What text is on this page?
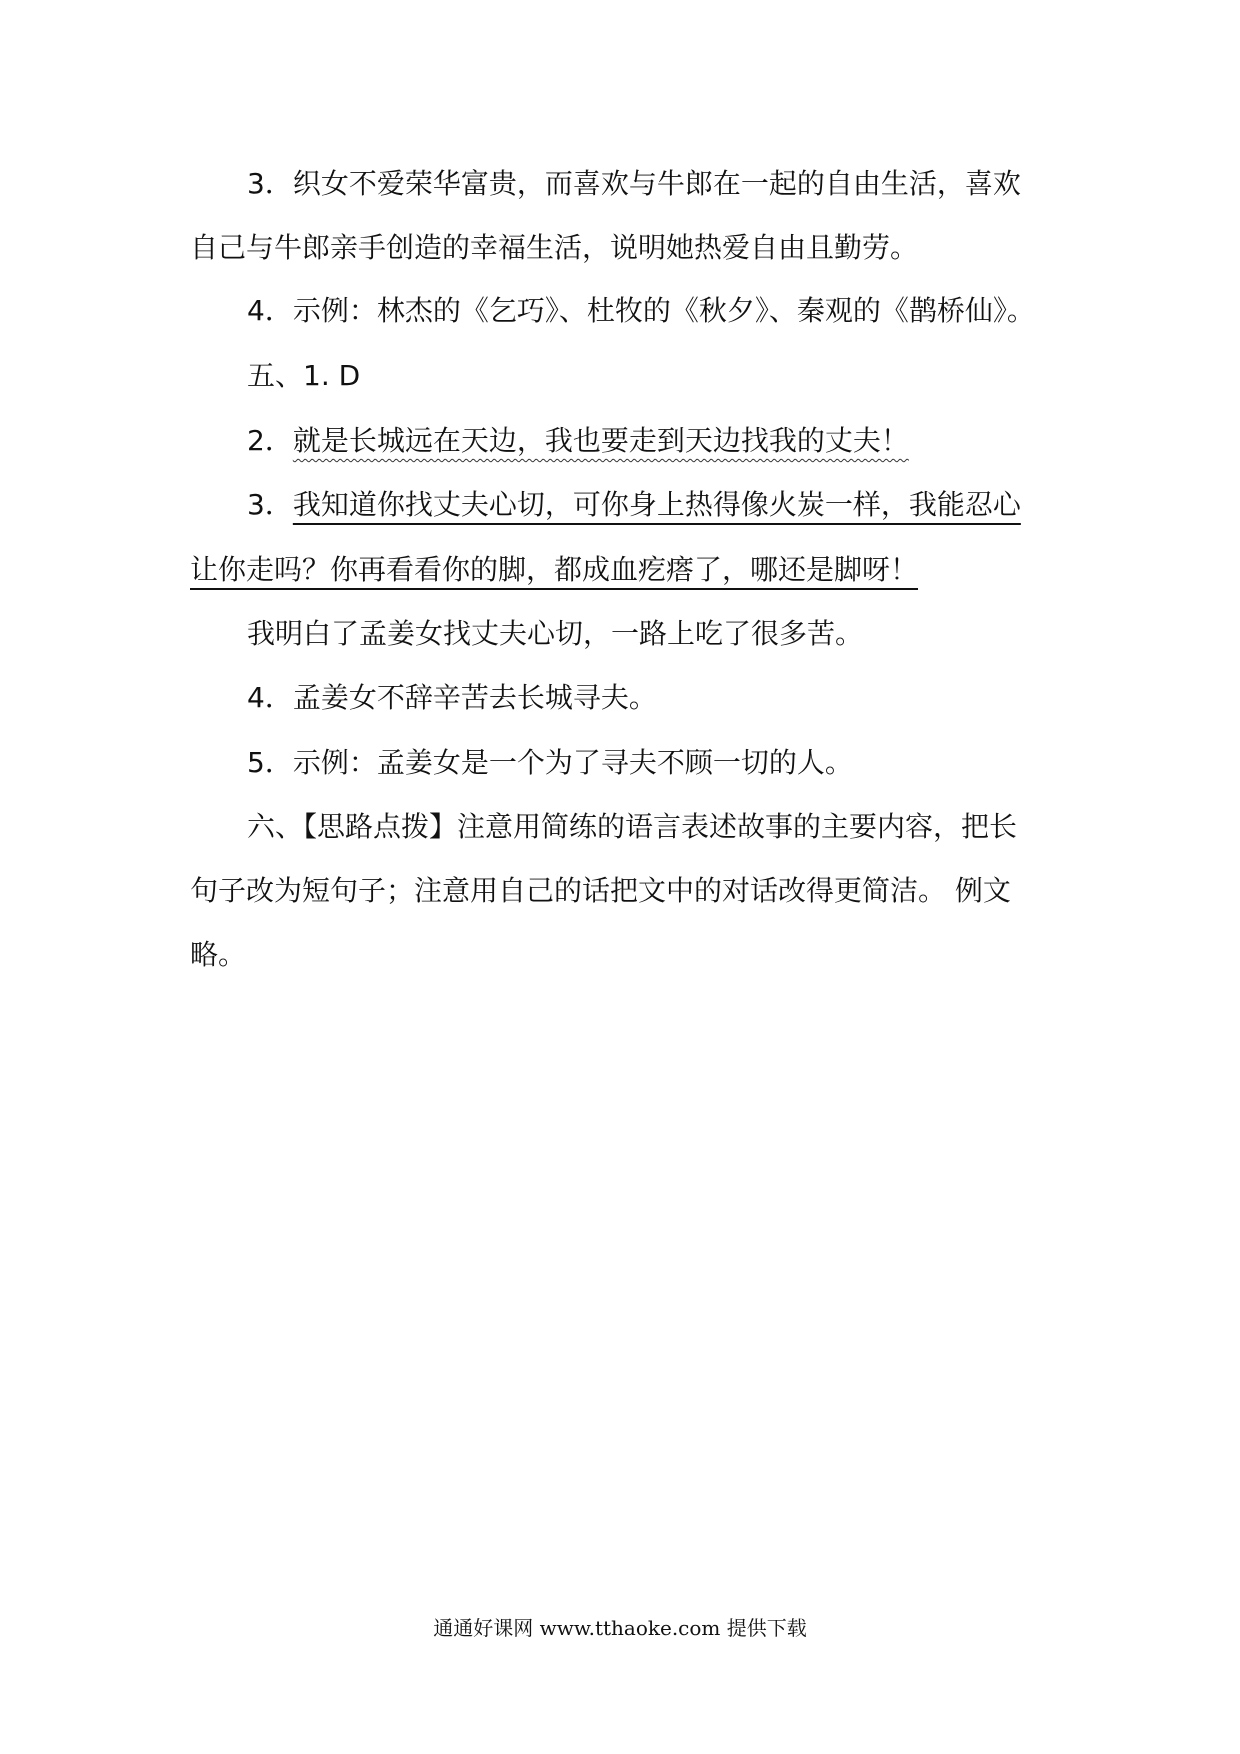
3．织女不爱荣华富贵，而喜欢与牛郎在一起的自由生活，喜欢
自己与牛郎亲手创造的幸福生活，说明她热爱自由且勤劳。
4．示例：林杰的《乞巧》、杜牧的《秋夕》、秦观的《鹊桥仙》。
五、1. D
2．就是长城远在天边，我也要走到天边找我的丈夫！
3．我知道你找丈夫心切，可你身上热得像火炭一样，我能忍心
让你走吗？你再看看你的脚，都成血疙瘩了，哪还是脚呀！
我明白了孟姜女找丈夫心切，一路上吃了很多苦。
4．孟姜女不辞辛苦去长城寻夫。
5．示例：孟姜女是一个为了寻夫不顾一切的人。
六、【思路点拨】注意用简练的语言表述故事的主要内容，把长
句子改为短句子；注意用自己的话把文中的对话改得更简洁。 例文
略。
通通好课网 www.tthaoke.com 提供下载
